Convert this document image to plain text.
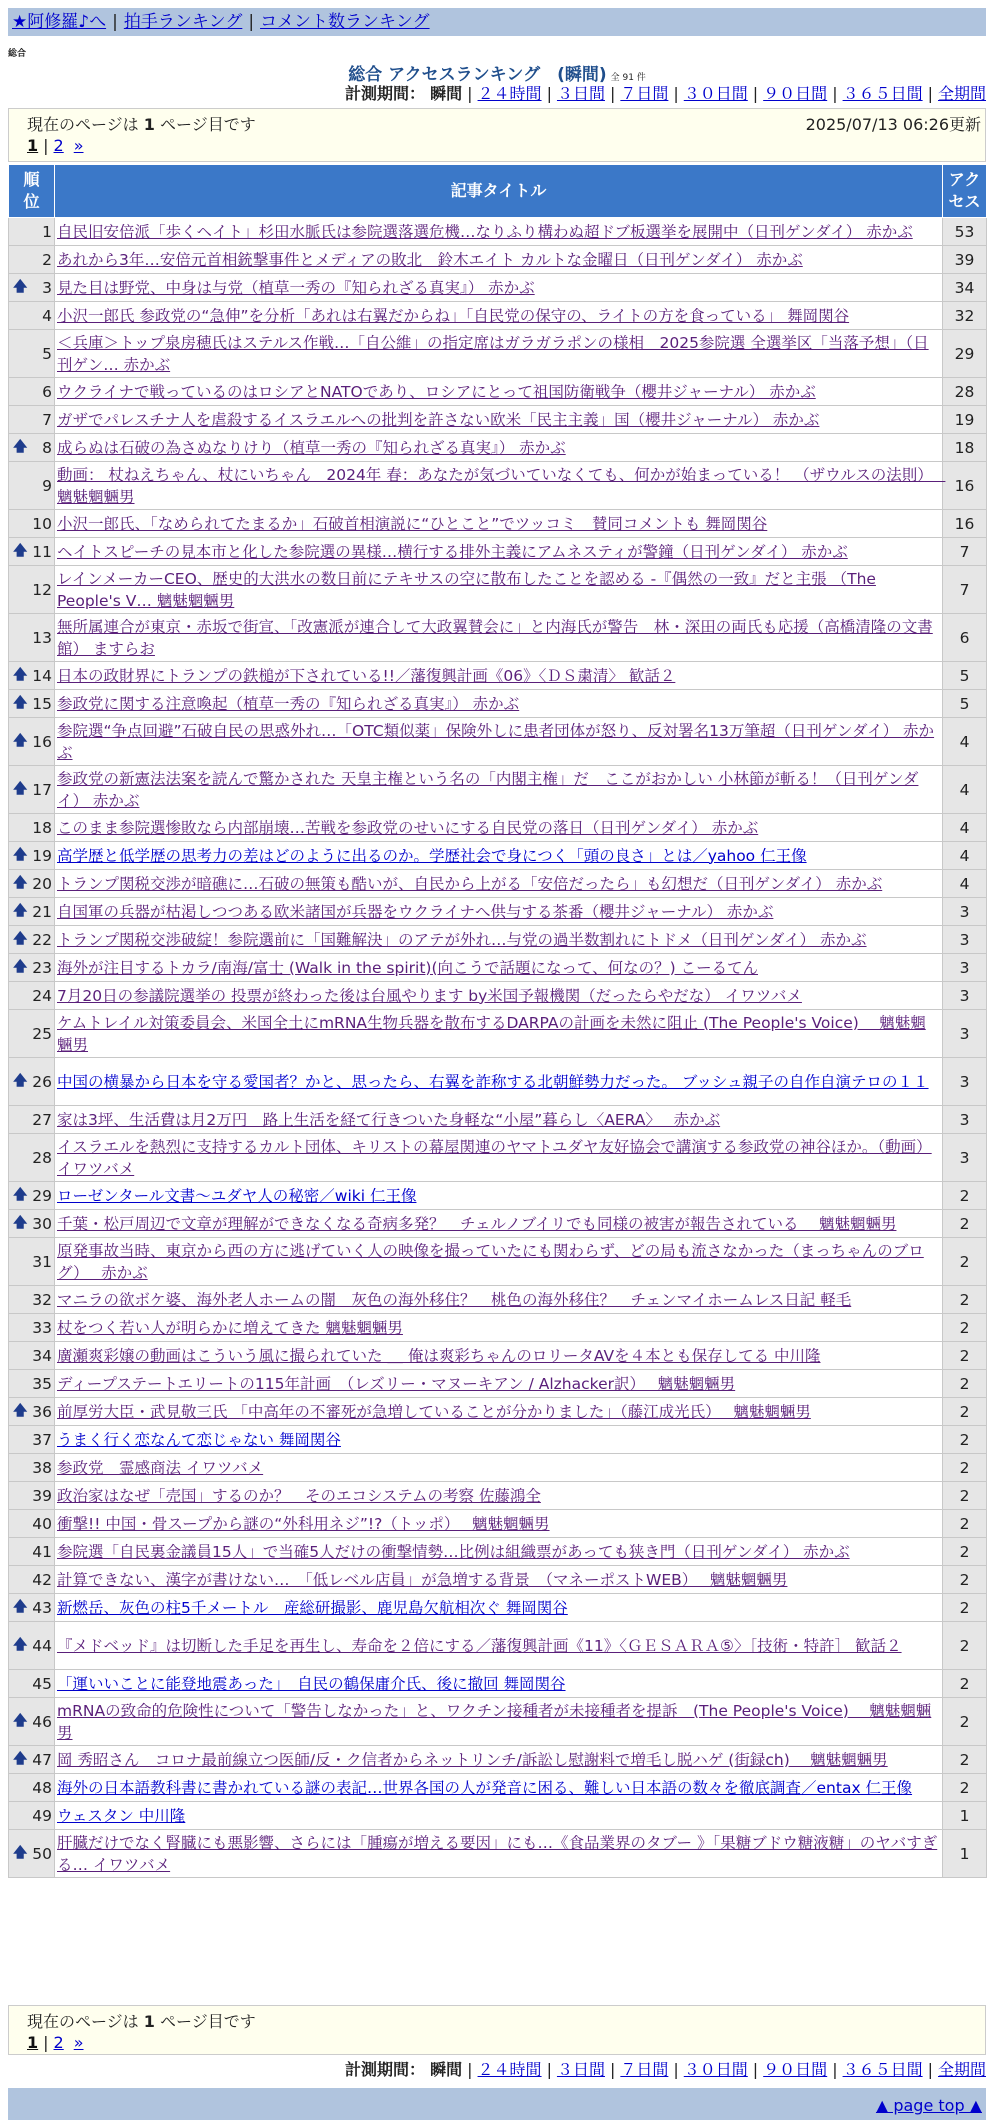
★阿修羅♪へ | 拍手ランキング | コメント数ランキング
総合
総合 アクセスランキング　(瞬間) 全 91 件
計測期間： 瞬間 | ２４時間 | ３日間 | ７日間 | ３０日間 | ９０日間 | ３６５日間 | 全期間
現在のページは 1 ページ目です	2025/07/13 06:26更新
1 | 2 »
順位	記事タイトル	アクセス
1	自民旧安倍派「歩くヘイト」杉田水脈氏は参院選落選危機…なりふり構わぬ超ドブ板選挙を展開中（日刊ゲンダイ） 赤かぶ	53
2	あれから3年…安倍元首相銃撃事件とメディアの敗北　鈴木エイト カルトな金曜日（日刊ゲンダイ） 赤かぶ	39

🡅 3	見た目は野党、中身は与党（植草一秀の『知られざる真実』） 赤かぶ	34
4	小沢一郎氏 参政党の“急伸”を分析「あれは右翼だからね」「自民党の保守の、ライトの方を食っている」 舞岡関谷	32
5	＜兵庫＞トップ泉房穂氏はステルス作戦…「自公維」の指定席はガラガラポンの様相　2025参院選 全選挙区「当落予想」（日刊ゲン… 赤かぶ	29
6	ウクライナで戦っているのはロシアとNATOであり、ロシアにとって祖国防衛戦争（櫻井ジャーナル） 赤かぶ	28
7	ガザでパレスチナ人を虐殺するイスラエルへの批判を許さない欧米「民主主義」国（櫻井ジャーナル） 赤かぶ	19

🡅 8	成らぬは石破の為さぬなりけり（植草一秀の『知られざる真実』） 赤かぶ	18
9	動画： 杖ねえちゃん、杖にいちゃん　2024年 春：あなたが気づいていなくても、何かが始まっている！ （ザウルスの法則）　 魑魅魍魎男	16
10	小沢一郎氏、「なめられてたまるか」石破首相演説に“ひとこと”でツッコミ　賛同コメントも 舞岡関谷	16

🡅 11	ヘイトスピーチの見本市と化した参院選の異様…横行する排外主義にアムネスティが警鐘（日刊ゲンダイ） 赤かぶ	7
12	レインメーカーCEO、歴史的大洪水の数日前にテキサスの空に散布したことを認める -『偶然の一致』だと主張 （The People's V… 魑魅魍魎男	7
13	無所属連合が東京・赤坂で街宣、「改憲派が連合して大政翼賛会に」と内海氏が警告　林・深田の両氏も応援（高橋清隆の文書館） ますらお	6

🡅 14	日本の政財界にトランプの鉄槌が下されている!!／藩復興計画《06》〈ＤＳ粛清〉 歓話２	5

🡅 15	参政党に関する注意喚起（植草一秀の『知られざる真実』） 赤かぶ	5

🡅 16	参院選“争点回避”石破自民の思惑外れ…「OTC類似薬」保険外しに患者団体が怒り、反対署名13万筆超（日刊ゲンダイ） 赤かぶ	4

🡅 17	参政党の新憲法法案を読んで驚かされた 天皇主権という名の「内閣主権」だ　ここがおかしい 小林節が斬る！（日刊ゲンダイ） 赤かぶ	4
18	このまま参院選惨敗なら内部崩壊…苦戦を参政党のせいにする自民党の落日（日刊ゲンダイ） 赤かぶ	4

🡅 19	高学歴と低学歴の思考力の差はどのように出るのか。学歴社会で身につく「頭の良さ」とは／yahoo 仁王像	4

🡅 20	トランプ関税交渉が暗礁に…石破の無策も酷いが、自民から上がる「安倍だったら」も幻想だ（日刊ゲンダイ） 赤かぶ	4

🡅 21	自国軍の兵器が枯渇しつつある欧米諸国が兵器をウクライナへ供与する茶番（櫻井ジャーナル） 赤かぶ	3

🡅 22	トランプ関税交渉破綻！参院選前に「国難解決」のアテが外れ…与党の過半数割れにトドメ（日刊ゲンダイ） 赤かぶ	3

🡅 23	海外が注目するトカラ/南海/富士 (Walk in the spirit)(向こうで話題になって、何なの？) こーるてん	3
24	7月20日の参議院選挙の 投票が終わった後は台風やります by米国予報機関（だったらやだな） イワツバメ	3
25	ケムトレイル対策委員会、米国全土にmRNA生物兵器を散布するDARPAの計画を未然に阻止 (The People's Voice)　 魑魅魍魎男	3

🡅 26	中国の横暴から日本を守る愛国者？かと、思ったら、右翼を詐称する北朝鮮勢力だった。 ブッシュ親子の自作自演テロの１１	3
27	家は3坪、生活費は月2万円　路上生活を経て行きついた身軽な“小屋”暮らし〈AERA〉　 赤かぶ	3
28	イスラエルを熱烈に支持するカルト団体、キリストの幕屋関連のヤマトユダヤ友好協会で講演する参政党の神谷ほか。（動画） イワツバメ	3

🡅 29	ローゼンタール文書～ユダヤ人の秘密／wiki 仁王像	2

🡅 30	千葉・松戸周辺で文章が理解ができなくなる奇病多発？　チェルノブイリでも同様の被害が報告されている　 魑魅魍魎男	2
31	原発事故当時、東京から西の方に逃げていく人の映像を撮っていたにも関わらず、どの局も流さなかった（まっちゃんのブログ）　 赤かぶ	2
32	マニラの欲ボケ婆、海外老人ホームの闇　灰色の海外移住？　桃色の海外移住？　チェンマイホームレス日記 軽毛	2
33	杖をつく若い人が明らかに増えてきた 魑魅魍魎男	2
34	廣瀬爽彩嬢の動画はこういう風に撮られていた ＿ 俺は爽彩ちゃんのロリータAVを４本とも保存してる 中川隆	2
35	ディープステートエリートの115年計画　（レズリー・マヌーキアン / Alzhacker訳）　 魑魅魍魎男	2

🡅 36	前厚労大臣・武見敬三氏 「中高年の不審死が急増していることが分かりました」（藤江成光氏）　 魑魅魍魎男	2
37	うまく行く恋なんて恋じゃない 舞岡関谷	2
38	参政党　霊感商法 イワツバメ	2
39	政治家はなぜ「売国」するのか？　そのエコシステムの考察 佐藤鴻全	2
40	衝撃!! 中国・骨スープから謎の“外科用ネジ”!?（トッポ）　 魑魅魍魎男	2
41	参院選「自民裏金議員15人」で当確5人だけの衝撃情勢…比例は組織票があっても狭き門（日刊ゲンダイ） 赤かぶ	2
42	計算できない、漢字が書けない…　「低レベル店員」が急増する背景　（マネーポストWEB）　 魑魅魍魎男	2

🡅 43	新燃岳、灰色の柱5千メートル　産総研撮影、鹿児島欠航相次ぐ 舞岡関谷	2

🡅 44	『メドベッド』は切断した手足を再生し、寿命を２倍にする／藩復興計画《11》〈ＧＥＳＡＲＡ⑤〉［技術・特許］ 歓話２	2
45	「運いいことに能登地震あった」　自民の鶴保庸介氏、後に撤回 舞岡関谷	2

🡅 46	mRNAの致命的危険性について「警告しなかった」と、ワクチン接種者が未接種者を提訴　(The People's Voice)　 魑魅魍魎男	2

🡅 47	岡 秀昭さん　コロナ最前線立つ医師/反・ク信者からネットリンチ/訴訟し慰謝料で増毛し脱ハゲ (街録ch)　 魑魅魍魎男	2
48	海外の日本語教科書に書かれている謎の表記…世界各国の人が発音に困る、難しい日本語の数々を徹底調査／entax 仁王像	2
49	ウェスタン 中川隆	1

🡅 50	肝臓だけでなく腎臓にも悪影響、さらには「腫瘍が増える要因」にも…《食品業界のタブー 》「果糖ブドウ糖液糖」のヤバすぎる… イワツバメ	1
現在のページは 1 ページ目です
1 | 2 »
計測期間： 瞬間 | ２４時間 | ３日間 | ７日間 | ３０日間 | ９０日間 | ３６５日間 | 全期間
▲ page top ▲
